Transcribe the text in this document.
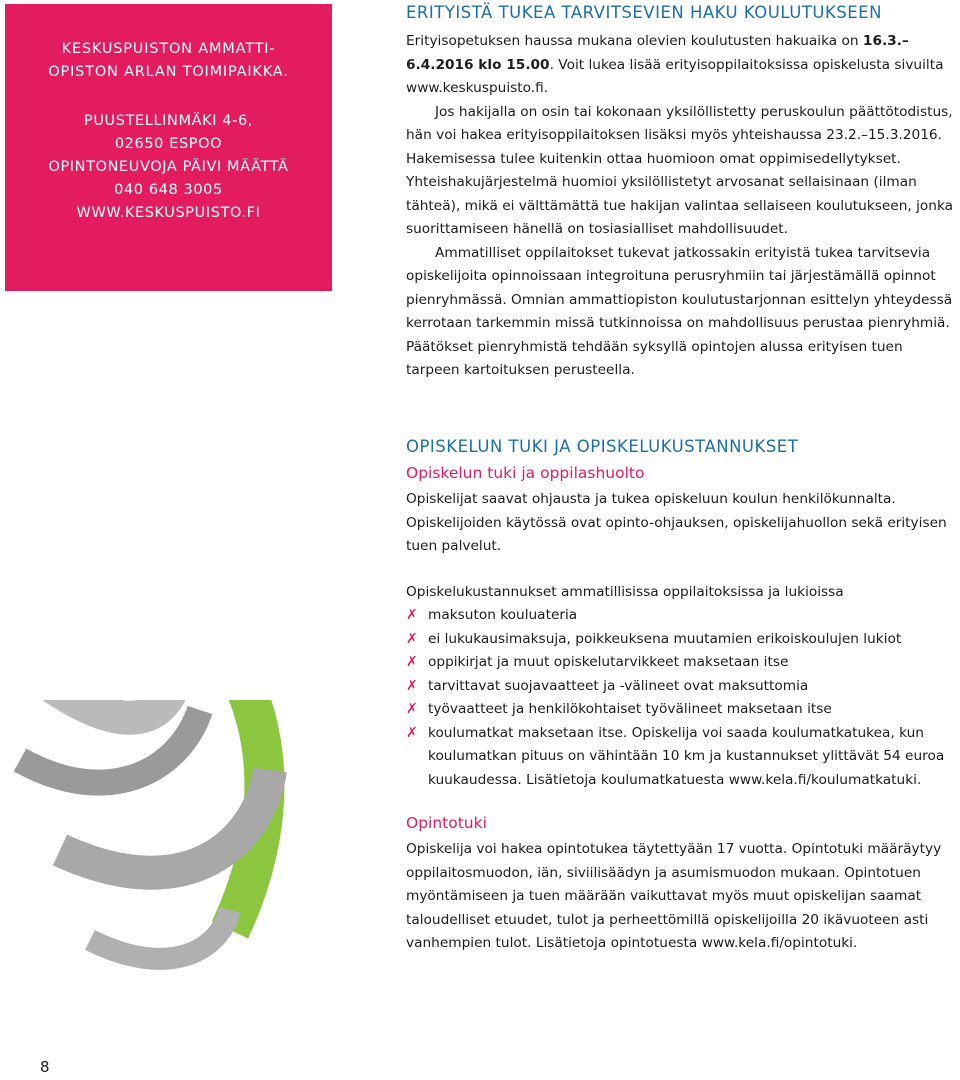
KESKUSPUISTON AMMATTI-
OPISTON ARLAN TOIMIPAIKKA.
PUUSTELLINMÄKI 4-6,
02650 ESPOO
OPINTONEUVOJA PÄIVI MÄÄTTÄ
040 648 3005
WWW.KESKUSPUISTO.FI
ERITYISTÄ TUKEA TARVITSEVIEN HAKU KOULUTUKSEEN

Erityisopetuksen haussa mukana olevien koulutusten hakuaika on 16.3.–6.4.2016 klo 15.00. Voit lukea lisää erityisoppilaitoksissa opiskelusta sivuilta www.keskuspuisto.fi.

Jos hakijalla on osin tai kokonaan yksilöllistetty peruskoulun päättötodistus, hän voi hakea erityisoppilaitoksen lisäksi myös yhteishaussa 23.2.–15.3.2016. Hakemisessa tulee kuitenkin ottaa huomioon omat oppimisedellytykset. Yhteishakujärjestelmä huomioi yksilöllistetyt arvosanat sellaisinaan (ilman tähteä), mikä ei välttämättä tue hakijan valintaa sellaiseen koulutukseen, jonka suorittamiseen hänellä on tosiasialliset mahdollisuudet.

Ammatilliset oppilaitokset tukevat jatkossakin erityistä tukea tarvitsevia opiskelijoita opinnoissaan integroituna perusryhmiin tai järjestämällä opinnot pienryhmässä. Omnian ammattiopiston koulutustarjonnan esittelyn yhteydessä kerrotaan tarkemmin missä tutkinnoissa on mahdollisuus perustaa pienryhmiä. Päätökset pienryhmistä tehdään syksyllä opintojen alussa erityisen tuen tarpeen kartoituksen perusteella.

OPISKELUN TUKI JA OPISKELUKUSTANNUKSET
Opiskelun tuki ja oppilashuolto

Opiskelijat saavat ohjausta ja tukea opiskeluun koulun henkilökunnalta. Opiskelijoiden käytössä ovat opinto-ohjauksen, opiskelijahuollon sekä erityisen tuen palvelut.

Opiskelukustannukset ammatillisissa oppilaitoksissa ja lukioissa

✗ maksuton kouluateria
✗ ei lukukausimaksuja, poikkeuksena muutamien erikoiskoulujen lukiot
✗ oppikirjat ja muut opiskelutarvikkeet maksetaan itse
✗ tarvittavat suojavaatteet ja -välineet ovat maksuttomia
✗ työvaatteet ja henkilökohtaiset työvälineet maksetaan itse
✗ koulumatkat maksetaan itse. Opiskelija voi saada koulumatkatukea, kun koulumatkan pituus on vähintään 10 km ja kustannukset ylittävät 54 euroa kuukaudessa. Lisätietoja koulumatkatuesta www.kela.fi/koulumatkatuki.
Opintotuki

Opiskelija voi hakea opintotukea täytettyään 17 vuotta. Opintotuki määräytyy oppilaitosmuodon, iän, siviilisäädyn ja asumismuodon mukaan. Opintotuen myöntämiseen ja tuen määrään vaikuttavat myös muut opiskelijan saamat taloudelliset etuudet, tulot ja perheettömillä opiskelijoilla 20 ikävuoteen asti vanhempien tulot. Lisätietoja opintotuesta www.kela.fi/opintotuki.

8
